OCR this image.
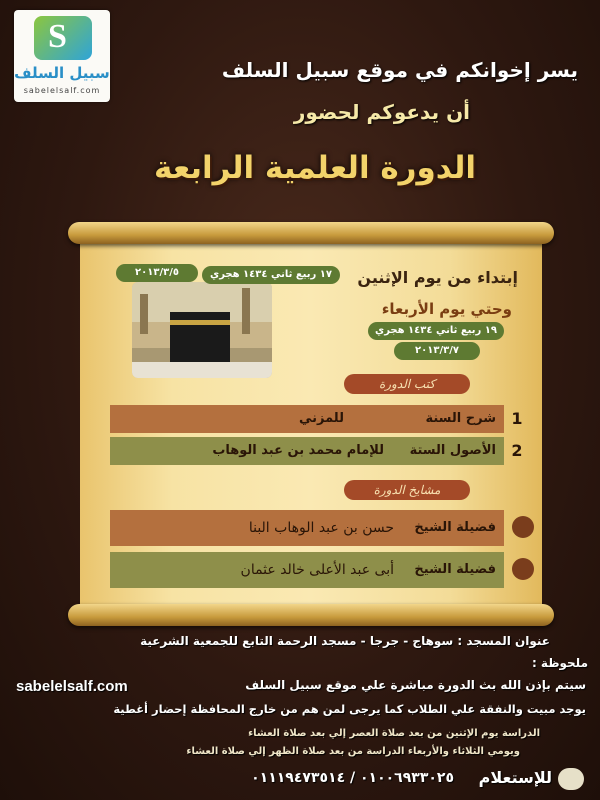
S
سبيل السلف
sabelelsalf.com
يسر إخوانكم في موقع سبيل السلف
أن يدعوكم لحضور
الدورة العلمية الرابعة
إبتداء من يوم الإثنين
١٧ ربيع ثاني ١٤٣٤ هجري
٢٠١٣/٣/٥
وحتي يوم الأربعاء
١٩ ربيع ثاني ١٤٣٤ هجري
٢٠١٣/٣/٧
كتب الدورة
1
شرح السنة
للمزني
2
الأصول الستة
للإمام محمد بن عبد الوهاب
مشايخ الدورة
فضيلة الشيخ
حسن بن عبد الوهاب البنا
فضيلة الشيخ
أبى عبد الأعلى خالد عثمان
عنوان المسجد : سوهاج - جرجا - مسجد الرحمة التابع للجمعية الشرعية
ملحوظة :
سيتم بإذن الله بث الدورة مباشرة علي موقع سبيل السلف
sabelelsalf.com
يوجد مبيت والنفقة علي الطلاب كما يرجى لمن هم من خارج المحافظة إحضار أغطية
الدراسة يوم الإثنين من بعد صلاة العصر إلي بعد صلاة العشاء
ويومي الثلاثاء والأربعاء الدراسة من بعد صلاة الظهر إلي صلاة العشاء
للإستعلام
٠١٠٠٦٩٣٣٠٢٥ / ٠١١١٩٤٧٣٥١٤
